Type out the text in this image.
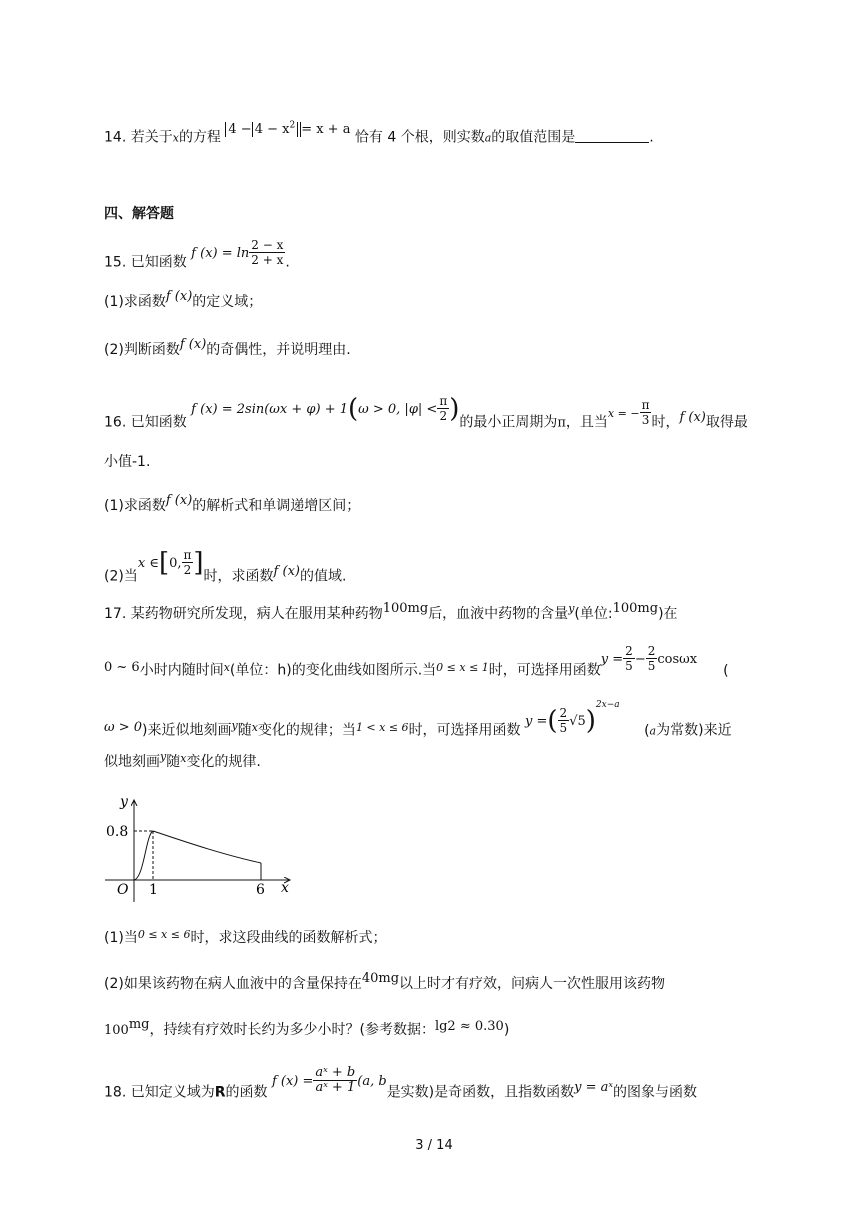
14. 若关于x的方程 $4 - 4 - x^2 = x + a$ 恰有 4 个根，则实数a的取值范围是	.
四、解答题
15. 已知函数 f $(x) = \ln \frac{2 - x}{2 + x}$ .
(1)求函数f (x)的定义域；
(2)判断函数f (x)的奇偶性，并说明理由.
16. 已知函数 f (x) = 2sin(ωx + φ) + 1(ω > 0, $|\varphi| < \frac{\pi}{2}$ )的最小正周期为π，且当$^{x = -} \frac{\pi}{3}$ 时，f (x)取得最
小值-1.
(1)求函数f (x)的解析式和单调递增区间；
(2)当x ∈[0, $\frac{\pi}{2}$ ]时，求函数f (x)的值域.
17. 某药物研究所发现，病人在服用某种药物100mg后，血液中药物的含量$^y$(单位:100mg)在
0 ~ 6小时内随时间$^x$(单位：h)的变化曲线如图所示.当$^{0 \le x \le 1}$时，可选择用函数$y = \frac{2}{5} - \frac{2}{5} \cos\omega x$(
ω > 0)来近似地刻画$^y$随$^x$变化的规律；当$^{1 < x \le 6}$时，可选择用函数 y =( $\frac{2}{5} √5)^{2x-a}$ (a为常数)来近
似地刻画$^y$随$^x$变化的规律.
y
x
O
0.8
1	6
(1)当$^{0 \le x \le 6}$时，求这段曲线的函数解析式；
(2)如果该药物在病人血液中的含量保持在40mg以上时才有疗效，问病人一次性服用该药物
100mg，持续有疗效时长约为多少小时？(参考数据：lg2 ≈ 0.30)
18. 已知定义域为R的函数 f $(x) = \frac{\text{aˣ + b}}{\text{aˣ + 1}} (a$, b是实数)是奇函数，且指数函数y = aˣ的图象与函数
3 / 14
